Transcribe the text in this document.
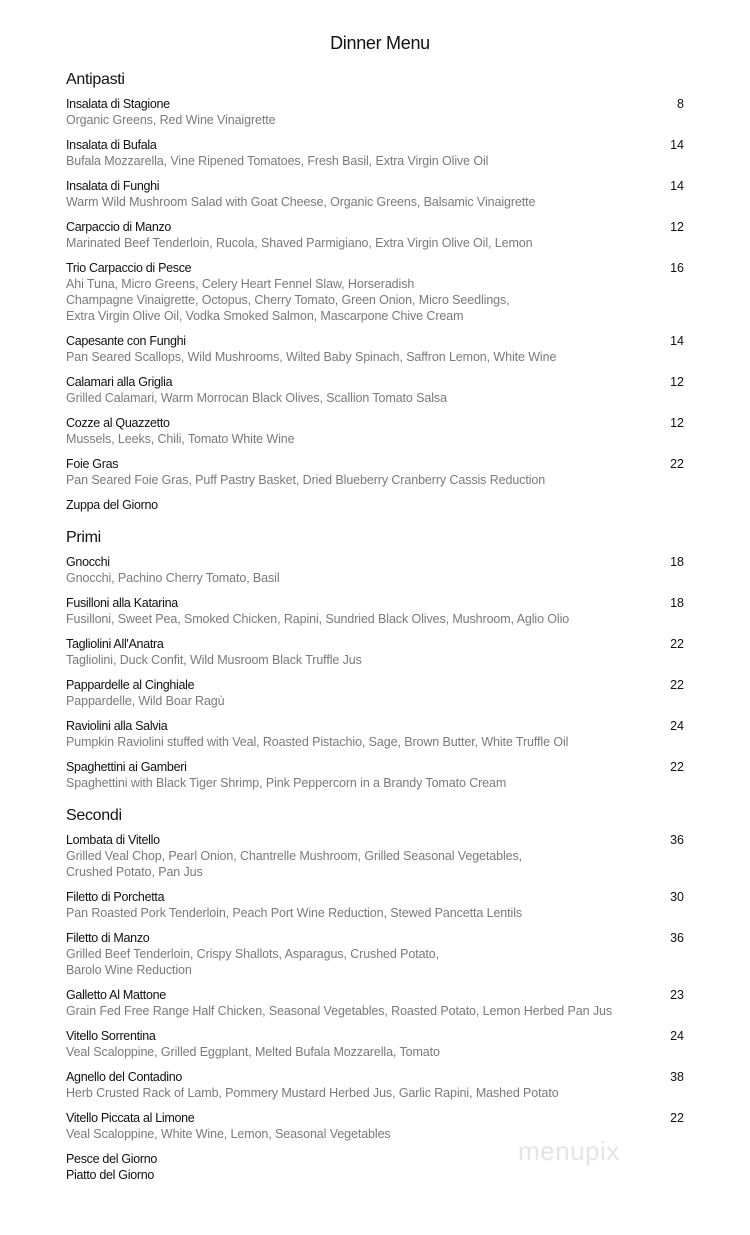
Dinner Menu
Antipasti
Insalata di Stagione	8
Organic Greens, Red Wine Vinaigrette
Insalata di Bufala	14
Bufala Mozzarella, Vine Ripened Tomatoes, Fresh Basil, Extra Virgin Olive Oil
Insalata di Funghi	14
Warm Wild Mushroom Salad with Goat Cheese, Organic Greens, Balsamic Vinaigrette
Carpaccio di Manzo	12
Marinated Beef Tenderloin, Rucola, Shaved Parmigiano, Extra Virgin Olive Oil, Lemon
Trio Carpaccio di Pesce	16
Ahi Tuna, Micro Greens, Celery Heart Fennel Slaw, Horseradish
Champagne Vinaigrette, Octopus, Cherry Tomato, Green Onion, Micro Seedlings,
Extra Virgin Olive Oil, Vodka Smoked Salmon, Mascarpone Chive Cream
Capesante con Funghi	14
Pan Seared Scallops, Wild Mushrooms, Wilted Baby Spinach, Saffron Lemon, White Wine
Calamari alla Griglia	12
Grilled Calamari, Warm Morrocan Black Olives, Scallion Tomato Salsa
Cozze al Quazzetto	12
Mussels, Leeks, Chili, Tomato White Wine
Foie Gras	22
Pan Seared Foie Gras, Puff Pastry Basket, Dried Blueberry Cranberry Cassis Reduction
Zuppa del Giorno
Primi
Gnocchi	18
Gnocchi, Pachino Cherry Tomato, Basil
Fusilloni alla Katarina	18
Fusilloni, Sweet Pea, Smoked Chicken, Rapini, Sundried Black Olives, Mushroom, Aglio Olio
Tagliolini All'Anatra	22
Tagliolini, Duck Confit, Wild Musroom Black Truffle Jus
Pappardelle al Cinghiale	22
Pappardelle, Wild Boar Ragù
Raviolini alla Salvia	24
Pumpkin Raviolini stuffed with Veal, Roasted Pistachio, Sage, Brown Butter, White Truffle Oil
Spaghettini ai Gamberi	22
Spaghettini with Black Tiger Shrimp, Pink Peppercorn in a Brandy Tomato Cream
Secondi
Lombata di Vitello	36
Grilled Veal Chop, Pearl Onion, Chantrelle Mushroom, Grilled Seasonal Vegetables,
Crushed Potato, Pan Jus
Filetto di Porchetta	30
Pan Roasted Pork Tenderloin, Peach Port Wine Reduction, Stewed Pancetta Lentils
Filetto di Manzo	36
Grilled Beef Tenderloin, Crispy Shallots, Asparagus, Crushed Potato,
Barolo Wine Reduction
Galletto Al Mattone	23
Grain Fed Free Range Half Chicken, Seasonal Vegetables, Roasted Potato, Lemon Herbed Pan Jus
Vitello Sorrentina	24
Veal Scaloppine, Grilled Eggplant, Melted Bufala Mozzarella, Tomato
Agnello del Contadino	38
Herb Crusted Rack of Lamb, Pommery Mustard Herbed Jus, Garlic Rapini, Mashed Potato
Vitello Piccata al Limone	22
Veal Scaloppine, White Wine, Lemon, Seasonal Vegetables
Pesce del Giorno
Piatto del Giorno
menupix
